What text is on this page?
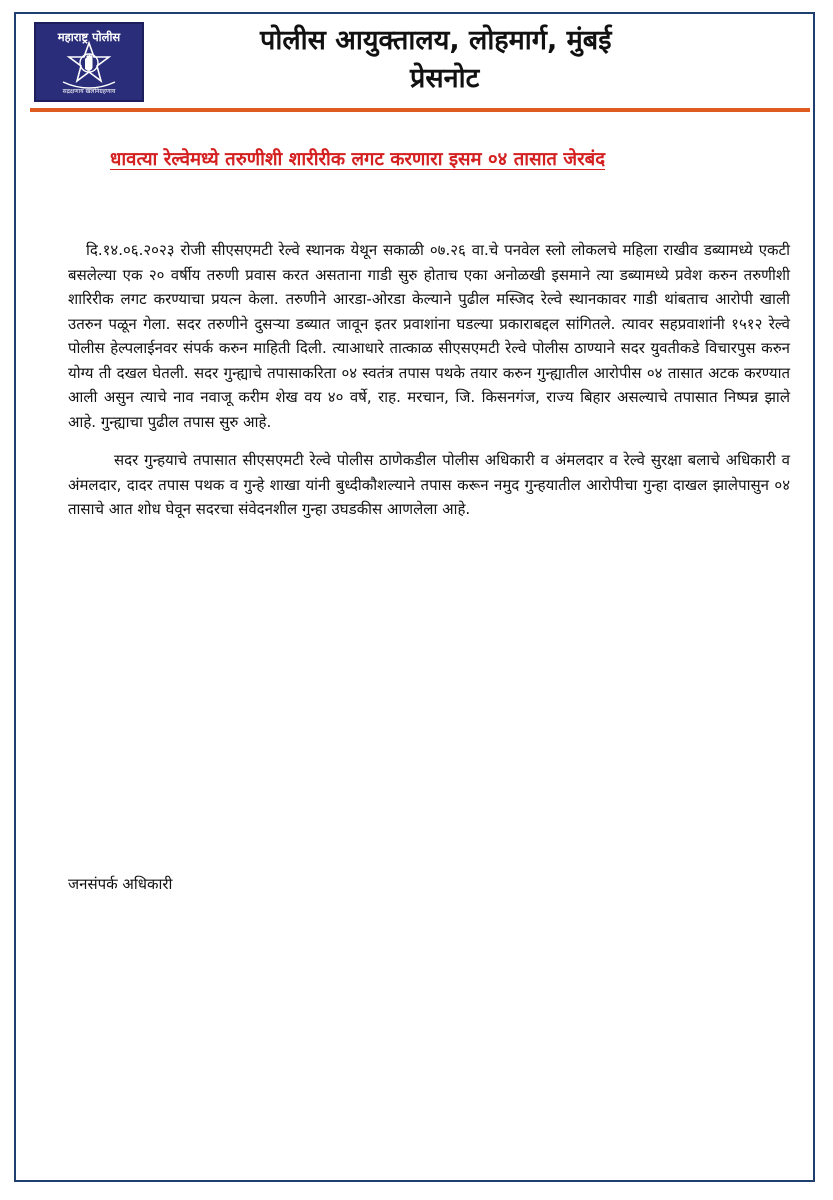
महाराष्ट्र पोलीस
सद्रक्षणाय खलनिग्रहणाय
पोलीस आयुक्तालय, लोहमार्ग, मुंबई
प्रेसनोट
धावत्या रेल्वेमध्ये तरुणीशी शारीरीक लगट करणारा इसम ०४ तासात जेरबंद

दि.१४.०६.२०२३ रोजी सीएसएमटी रेल्वे स्थानक येथून सकाळी ०७.२६ वा.चे पनवेल स्लो लोकलचे महिला राखीव डब्यामध्ये एकटी बसलेल्या एक २० वर्षीय तरुणी प्रवास करत असताना गाडी सुरु होताच एका अनोळखी इसमाने त्या डब्यामध्ये प्रवेश करुन तरुणीशी शारिरीक लगट करण्याचा प्रयत्न केला. तरुणीने आरडा-ओरडा केल्याने पुढील मस्जिद रेल्वे स्थानकावर गाडी थांबताच आरोपी खाली उतरुन पळून गेला. सदर तरुणीने दुसऱ्या डब्यात जावून इतर प्रवाशांना घडल्या प्रकाराबद्दल सांगितले. त्यावर सहप्रवाशांनी १५१२ रेल्वे पोलीस हेल्पलाईनवर संपर्क करुन माहिती दिली. त्याआधारे तात्काळ सीएसएमटी रेल्वे पोलीस ठाण्याने सदर युवतीकडे विचारपुस करुन योग्य ती दखल घेतली. सदर गुन्ह्याचे तपासाकरिता ०४ स्वतंत्र तपास पथके तयार करुन गुन्ह्यातील आरोपीस ०४ तासात अटक करण्यात आली असुन त्याचे नाव नवाजू करीम शेख वय ४० वर्षे, राह. मरचान, जि. किसनगंज, राज्य बिहार असल्याचे तपासात निष्पन्न झाले आहे. गुन्ह्याचा पुढील तपास सुरु आहे.

सदर गुन्हयाचे तपासात सीएसएमटी रेल्वे पोलीस ठाणेकडील पोलीस अधिकारी व अंमलदार व रेल्वे सुरक्षा बलाचे अधिकारी व अंमलदार, दादर तपास पथक व गुन्हे शाखा यांनी बुध्दीकौशल्याने तपास करून नमुद गुन्हयातील आरोपीचा गुन्हा दाखल झालेपासुन ०४ तासाचे आत शोध घेवून सदरचा संवेदनशील गुन्हा उघडकीस आणलेला आहे.

जनसंपर्क अधिकारी
